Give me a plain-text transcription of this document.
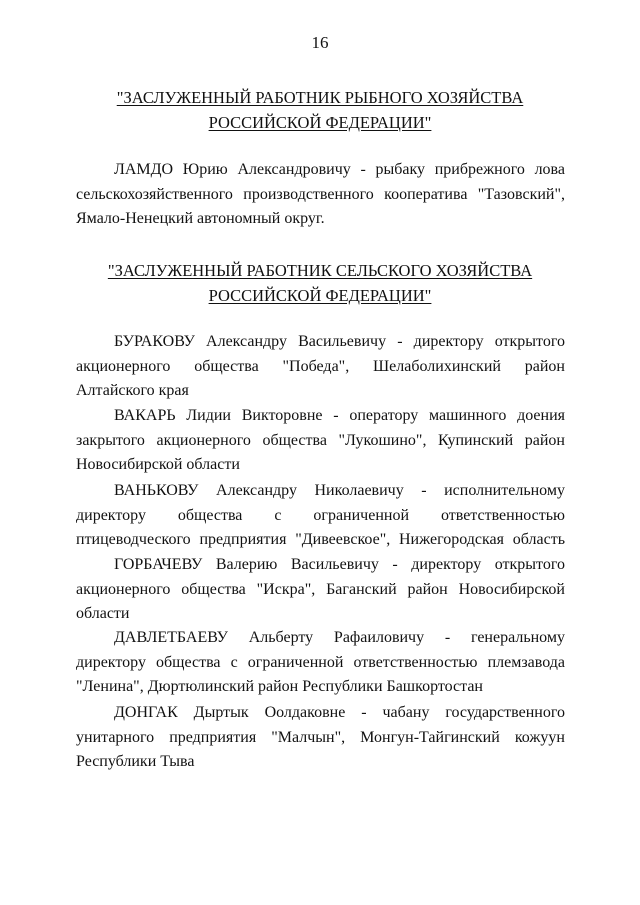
16
"ЗАСЛУЖЕННЫЙ РАБОТНИК РЫБНОГО ХОЗЯЙСТВА
РОССИЙСКОЙ ФЕДЕРАЦИИ"
ЛАМДО Юрию Александровичу - рыбаку прибрежного лова
сельскохозяйственного производственного кооператива "Тазовский",
Ямало-Ненецкий автономный округ.
"ЗАСЛУЖЕННЫЙ РАБОТНИК СЕЛЬСКОГО ХОЗЯЙСТВА
РОССИЙСКОЙ ФЕДЕРАЦИИ"
БУРАКОВУ Александру Васильевичу - директору открытого
акционерного общества "Победа", Шелаболихинский район
Алтайского края
ВАКАРЬ Лидии Викторовне - оператору машинного доения
закрытого акционерного общества "Лукошино", Купинский район
Новосибирской области
ВАНЬКОВУ Александру Николаевичу - исполнительному
директору общества с ограниченной ответственностью
птицеводческого предприятия "Дивеевское", Нижегородская область
ГОРБАЧЕВУ Валерию Васильевичу - директору открытого
акционерного общества "Искра", Баганский район Новосибирской
области
ДАВЛЕТБАЕВУ Альберту Рафаиловичу - генеральному
директору общества с ограниченной ответственностью племзавода
"Ленина", Дюртюлинский район Республики Башкортостан
ДОНГАК Дыртык Оолдаковне - чабану государственного
унитарного предприятия "Малчын", Монгун-Тайгинский кожуун
Республики Тыва
